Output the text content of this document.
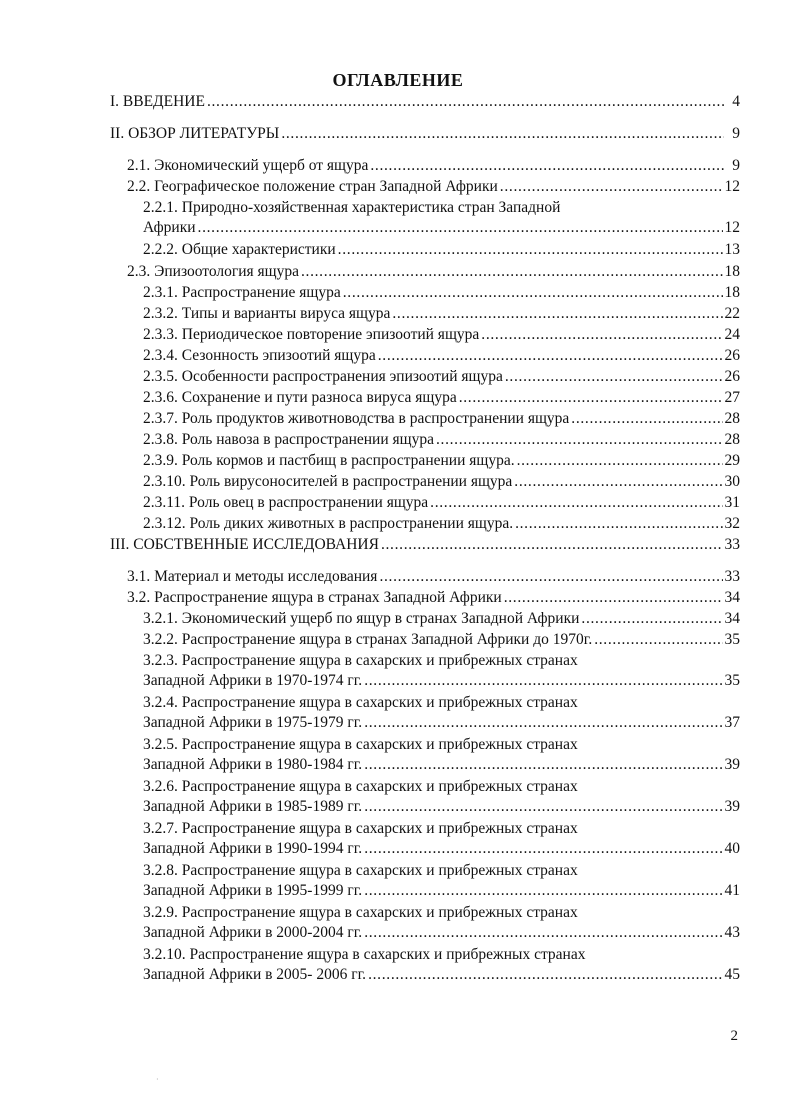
ОГЛАВЛЕНИЕ
I. ВВЕДЕНИЕ . . .	4
II. ОБЗОР ЛИТЕРАТУРЫ . . .	9
2.1. Экономический ущерб от ящура . . .	9
2.2. Географическое положение стран Западной Африки . . .	12
2.2.1. Природно-хозяйственная характеристика стран Западной
Африки . . .	12
2.2.2. Общие характеристики . . .	13
2.3. Эпизоотология ящура . . .	18
2.3.1. Распространение ящура . . .	18
2.3.2. Типы и варианты вируса ящура . . .	22
2.3.3. Периодическое повторение эпизоотий ящура . . .	24
2.3.4. Сезонность эпизоотий ящура . . .	26
2.3.5. Особенности распространения эпизоотий ящура . . .	26
2.3.6. Сохранение и пути разноса вируса ящура . . .	27
2.3.7. Роль продуктов животноводства в распространении ящура . . .	28
2.3.8. Роль навоза в распространении ящура . . .	28
2.3.9. Роль кормов и пастбищ в распространении ящура. . . .	29
2.3.10. Роль вирусоносителей в распространении ящура . . .	30
2.3.11. Роль овец в распространении ящура . . .	31
2.3.12. Роль диких животных в распространении ящура. . . .	32
III. СОБСТВЕННЫЕ ИССЛЕДОВАНИЯ . . .	33
3.1. Материал и методы исследования . . .	33
3.2. Распространение ящура в странах Западной Африки . . .	34
3.2.1. Экономический ущерб по ящур в странах Западной Африки . . .	34
3.2.2. Распространение ящура в странах Западной Африки до 1970г. . . .	35
3.2.3. Распространение ящура в сахарских и прибрежных странах
Западной Африки в 1970-1974 гг. . . .	35
3.2.4. Распространение ящура в сахарских и прибрежных странах
Западной Африки в 1975-1979 гг. . . .	37
3.2.5. Распространение ящура в сахарских и прибрежных странах
Западной Африки в 1980-1984 гг. . . .	39
3.2.6. Распространение ящура в сахарских и прибрежных странах
Западной Африки в 1985-1989 гг. . . .	39
3.2.7. Распространение ящура в сахарских и прибрежных странах
Западной Африки в 1990-1994 гг. . . .	40
3.2.8. Распространение ящура в сахарских и прибрежных странах
Западной Африки в 1995-1999 гг. . . .	41
3.2.9. Распространение ящура в сахарских и прибрежных странах
Западной Африки в 2000-2004 гг. . . .	43
3.2.10. Распространение ящура в сахарских и прибрежных странах
Западной Африки в 2005- 2006 гг. . . .	45
2
·
